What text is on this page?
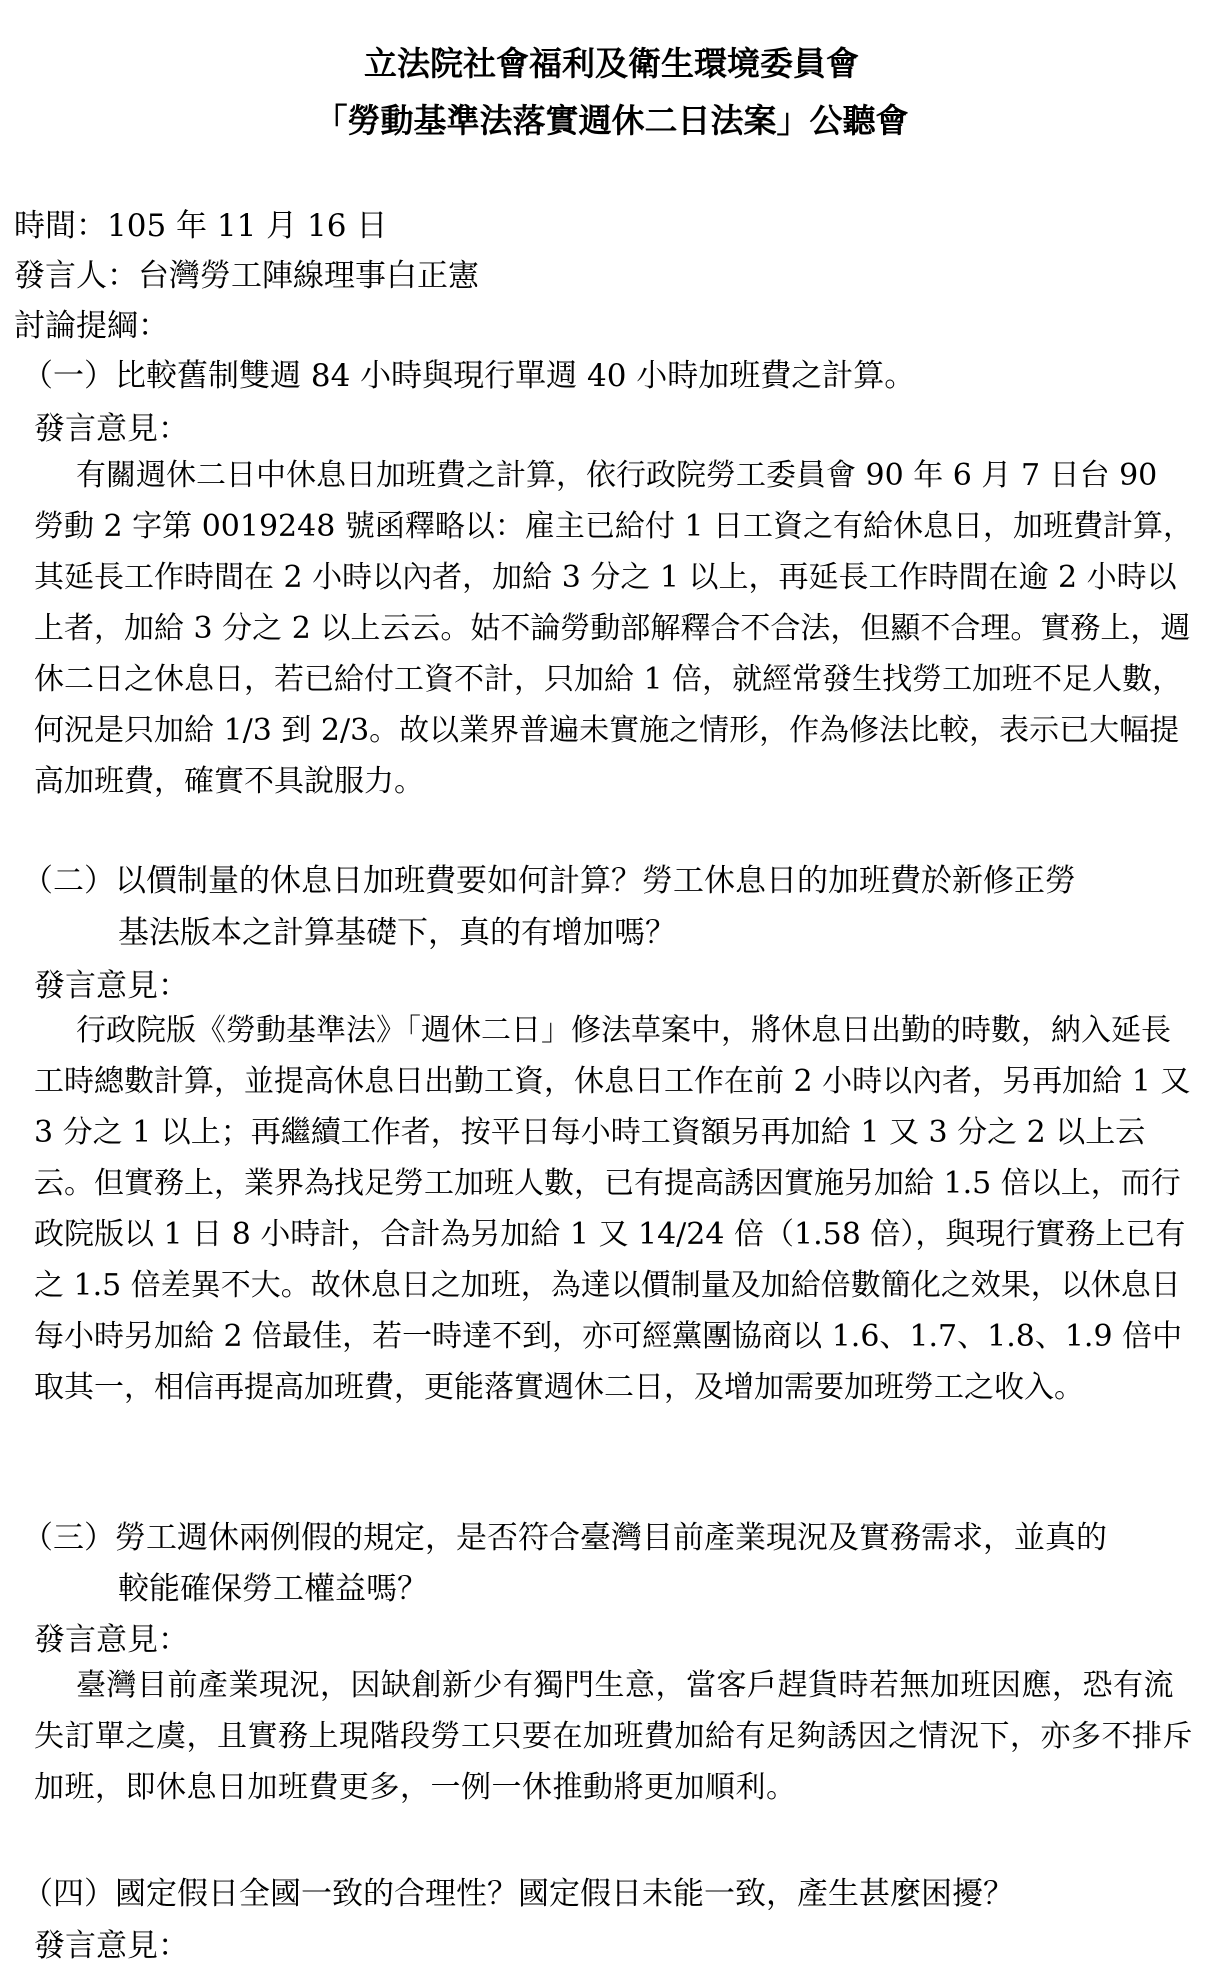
立法院社會福利及衛生環境委員會
「勞動基準法落實週休二日法案」公聽會
時間：105 年 11 月 16 日
發言人：台灣勞工陣線理事白正憲
討論提綱：
（一）比較舊制雙週 84 小時與現行單週 40 小時加班費之計算。
發言意見：
有關週休二日中休息日加班費之計算，依行政院勞工委員會 90 年 6 月 7 日台 90 勞動 2 字第 0019248 號函釋略以：雇主已給付 1 日工資之有給休息日，加班費計算，其延長工作時間在 2 小時以內者，加給 3 分之 1 以上，再延長工作時間在逾 2 小時以上者，加給 3 分之 2 以上云云。姑不論勞動部解釋合不合法，但顯不合理。實務上，週休二日之休息日，若已給付工資不計，只加給 1 倍，就經常發生找勞工加班不足人數，何況是只加給 1/3 到 2/3。故以業界普遍未實施之情形，作為修法比較，表示已大幅提高加班費，確實不具說服力。
（二）以價制量的休息日加班費要如何計算？勞工休息日的加班費於新修正勞
基法版本之計算基礎下，真的有增加嗎？
發言意見：
行政院版《勞動基準法》「週休二日」修法草案中，將休息日出勤的時數，納入延長工時總數計算，並提高休息日出勤工資，休息日工作在前 2 小時以內者，另再加給 1 又 3 分之 1 以上；再繼續工作者，按平日每小時工資額另再加給 1 又 3 分之 2 以上云云。但實務上，業界為找足勞工加班人數，已有提高誘因實施另加給 1.5 倍以上，而行政院版以 1 日 8 小時計，合計為另加給 1 又 14/24 倍（1.58 倍），與現行實務上已有之 1.5 倍差異不大。故休息日之加班，為達以價制量及加給倍數簡化之效果，以休息日每小時另加給 2 倍最佳，若一時達不到，亦可經黨團協商以 1.6、1.7、1.8、1.9 倍中取其一，相信再提高加班費，更能落實週休二日，及增加需要加班勞工之收入。
（三）勞工週休兩例假的規定，是否符合臺灣目前產業現況及實務需求，並真的
較能確保勞工權益嗎？
發言意見：
臺灣目前產業現況，因缺創新少有獨門生意，當客戶趕貨時若無加班因應，恐有流失訂單之虞，且實務上現階段勞工只要在加班費加給有足夠誘因之情況下，亦多不排斥加班，即休息日加班費更多，一例一休推動將更加順利。
（四）國定假日全國一致的合理性？國定假日未能一致，產生甚麼困擾？
發言意見：
